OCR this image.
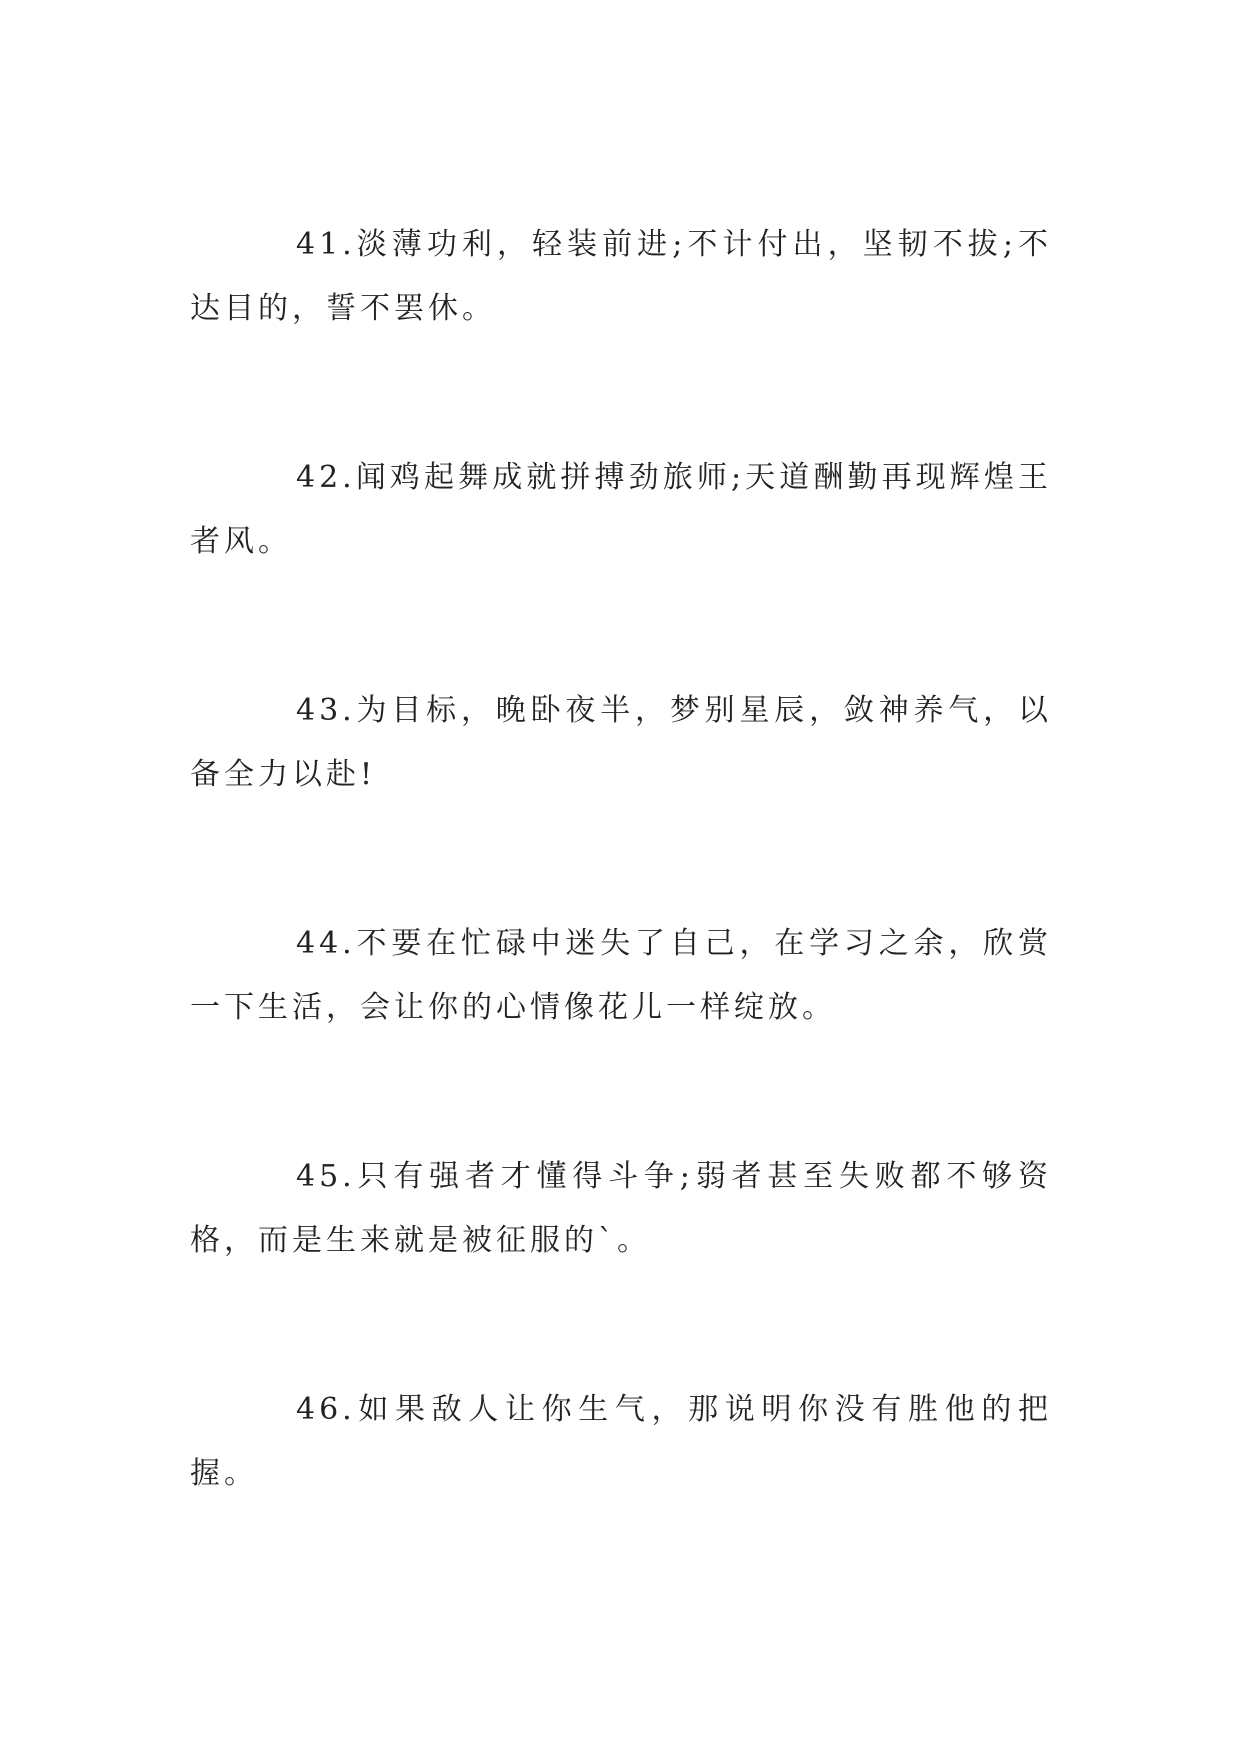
41.淡薄功利，轻装前进;不计付出，坚韧不拔;不达目的，誓不罢休。

42.闻鸡起舞成就拼搏劲旅师;天道酬勤再现辉煌王者风。

43.为目标，晚卧夜半，梦别星辰，敛神养气，以备全力以赴!

44.不要在忙碌中迷失了自己，在学习之余，欣赏一下生活，会让你的心情像花儿一样绽放。

45.只有强者才懂得斗争;弱者甚至失败都不够资格，而是生来就是被征服的`。

46.如果敌人让你生气，那说明你没有胜他的把握。
